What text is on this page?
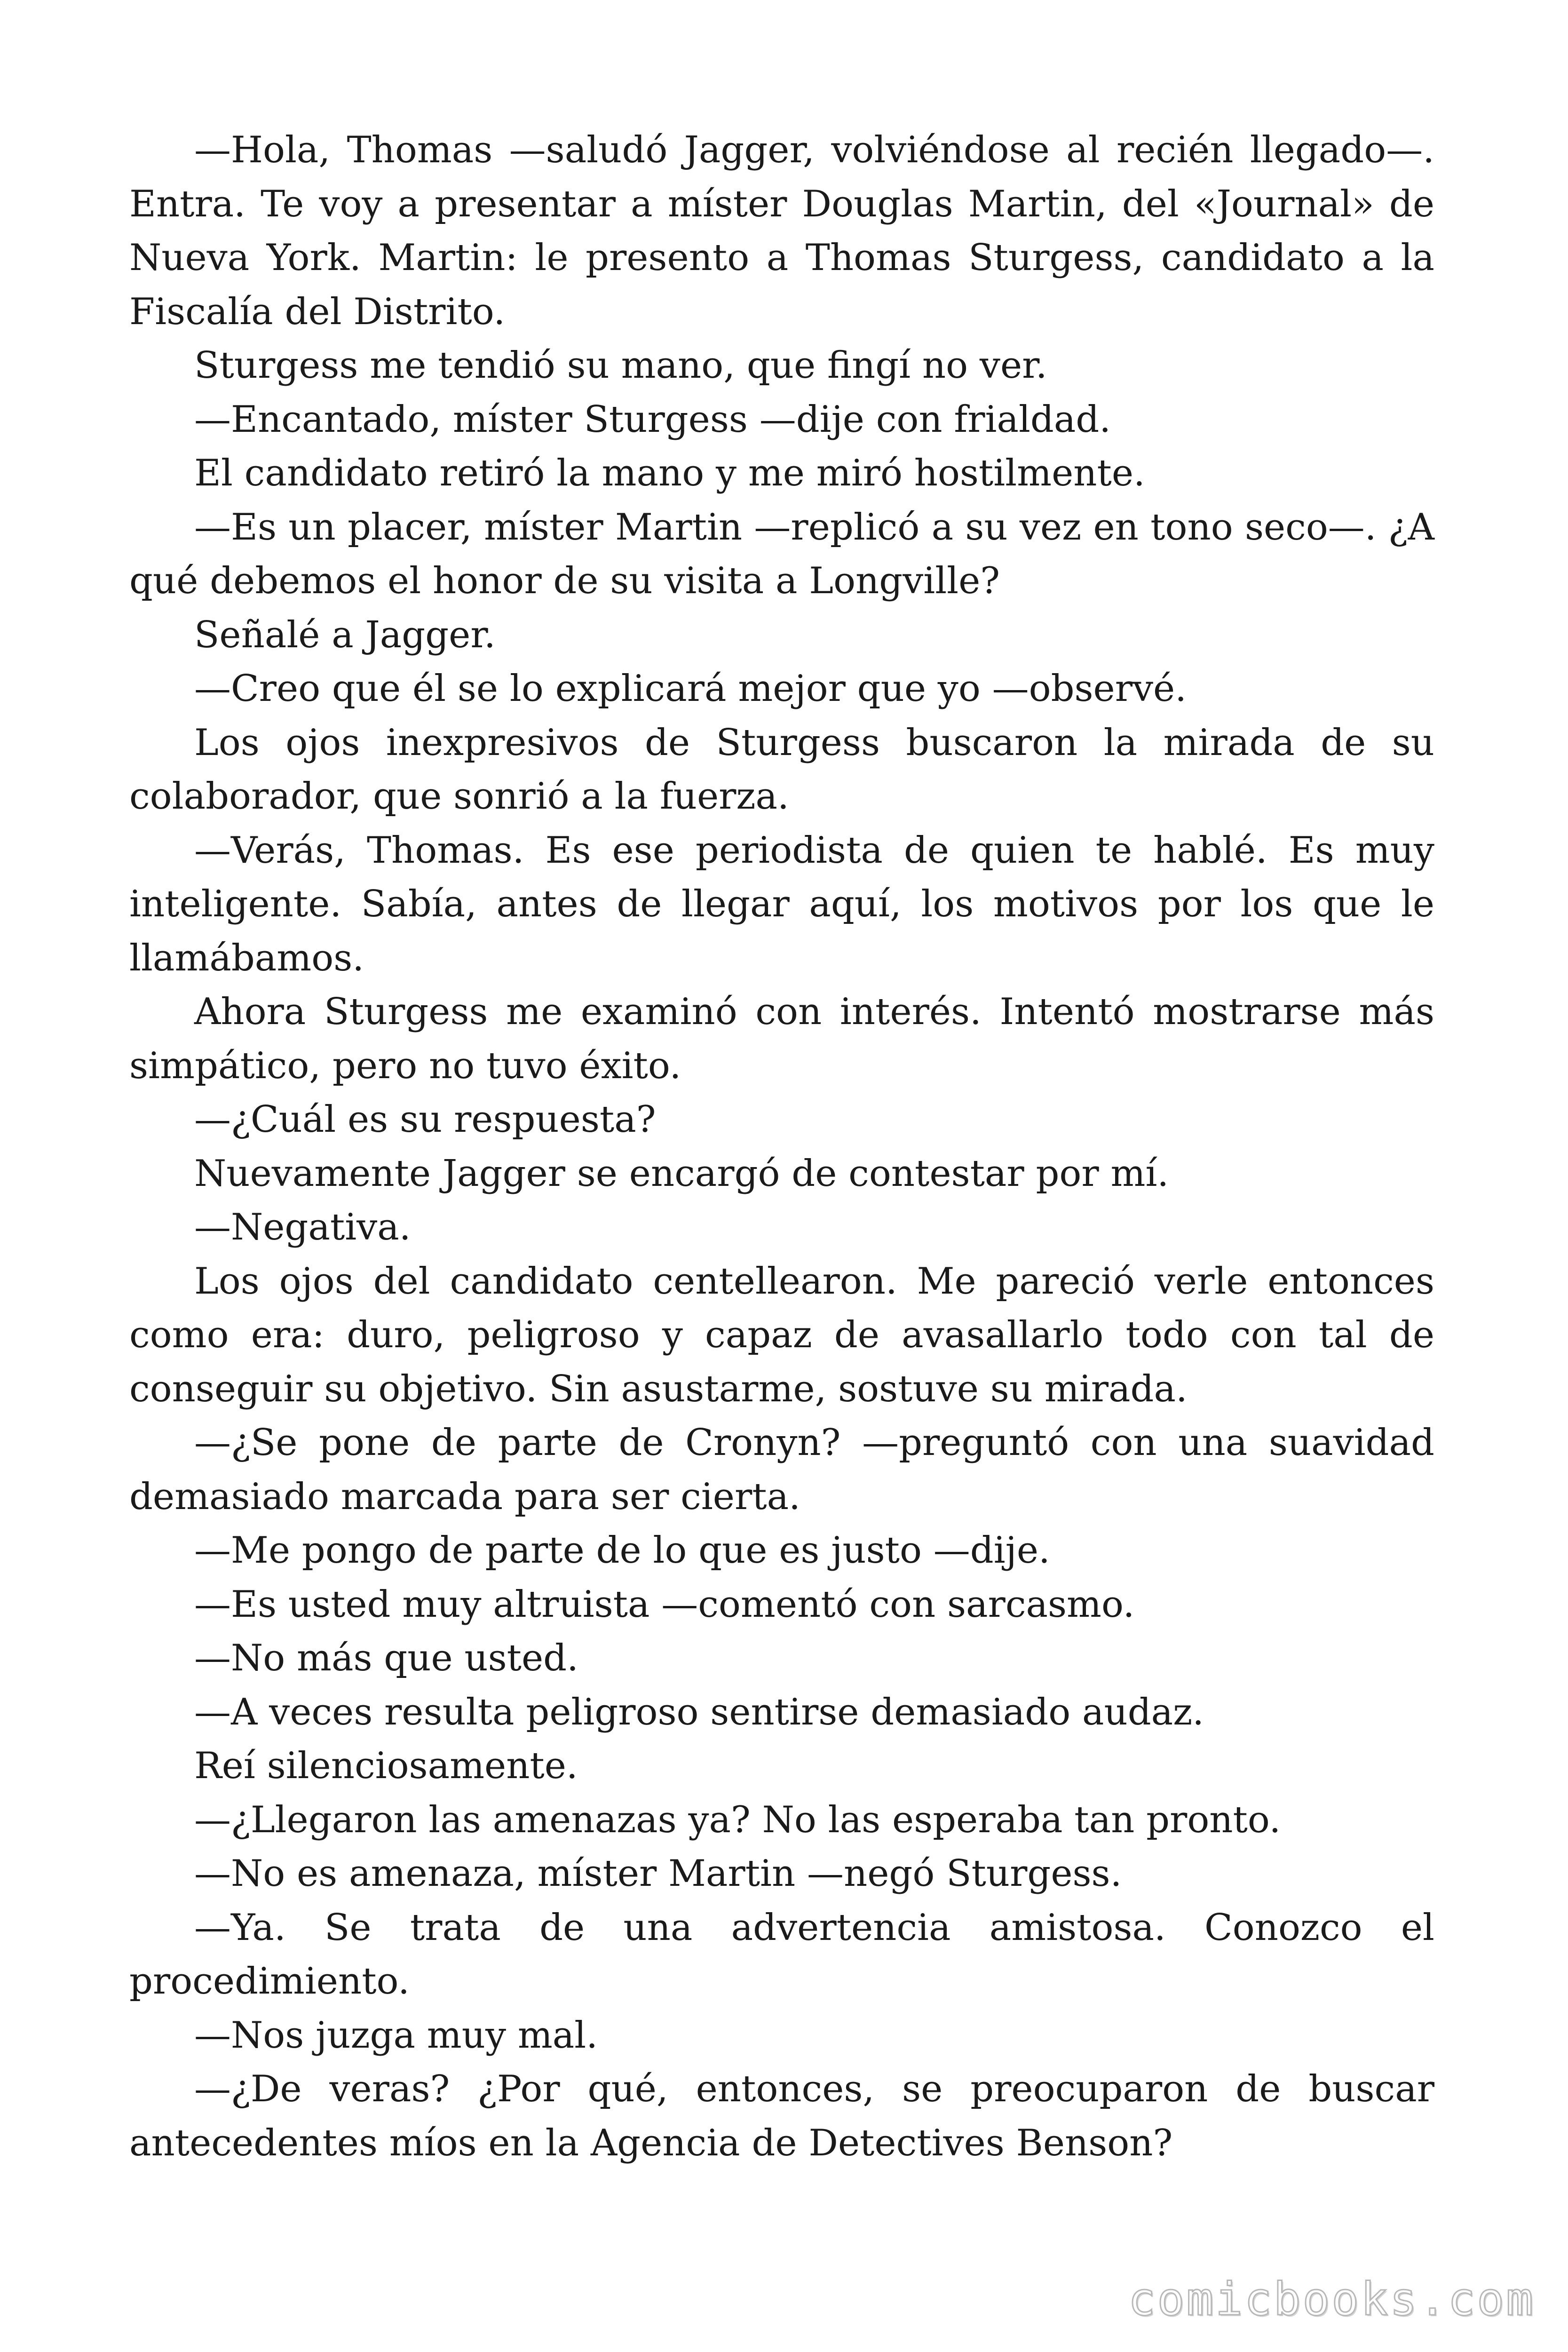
—Hola, Thomas —saludó Jagger, volviéndose al recién llegado—. Entra. Te voy a presentar a míster Douglas Martin, del «Journal» de Nueva York. Martin: le presento a Thomas Sturgess, candidato a la Fiscalía del Distrito.

Sturgess me tendió su mano, que fingí no ver.

—Encantado, míster Sturgess —dije con frialdad.

El candidato retiró la mano y me miró hostilmente.

—Es un placer, míster Martin —replicó a su vez en tono seco—. ¿A qué debemos el honor de su visita a Longville?

Señalé a Jagger.

—Creo que él se lo explicará mejor que yo —observé.

Los ojos inexpresivos de Sturgess buscaron la mirada de su colaborador, que sonrió a la fuerza.

—Verás, Thomas. Es ese periodista de quien te hablé. Es muy inteligente. Sabía, antes de llegar aquí, los motivos por los que le llamábamos.

Ahora Sturgess me examinó con interés. Intentó mostrarse más simpático, pero no tuvo éxito.

—¿Cuál es su respuesta?

Nuevamente Jagger se encargó de contestar por mí.

—Negativa.

Los ojos del candidato centellearon. Me pareció verle entonces como era: duro, peligroso y capaz de avasallarlo todo con tal de conseguir su objetivo. Sin asustarme, sostuve su mirada.

—¿Se pone de parte de Cronyn? —preguntó con una suavidad demasiado marcada para ser cierta.

—Me pongo de parte de lo que es justo —dije.

—Es usted muy altruista —comentó con sarcasmo.

—No más que usted.

—A veces resulta peligroso sentirse demasiado audaz.

Reí silenciosamente.

—¿Llegaron las amenazas ya? No las esperaba tan pronto.

—No es amenaza, míster Martin —negó Sturgess.

—Ya. Se trata de una advertencia amistosa. Conozco el procedimiento.

—Nos juzga muy mal.

—¿De veras? ¿Por qué, entonces, se preocuparon de buscar antecedentes míos en la Agencia de Detectives Benson?

comicbooks.com
